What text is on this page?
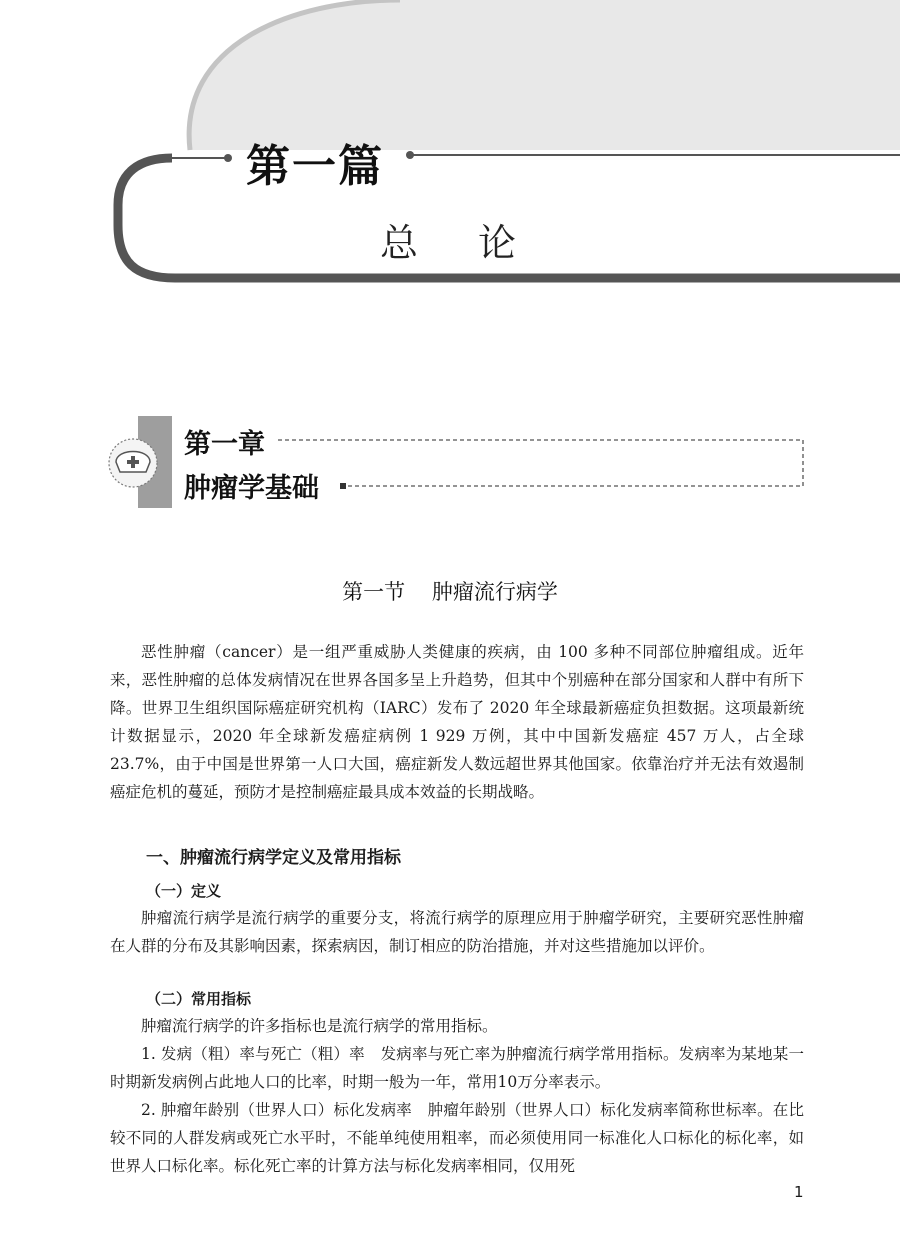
第一篇
总论
第一章
肿瘤学基础
第一节 肿瘤流行病学

恶性肿瘤（cancer）是一组严重威胁人类健康的疾病，由 100 多种不同部位肿瘤组成。近年来，恶性肿瘤的总体发病情况在世界各国多呈上升趋势，但其中个别癌种在部分国家和人群中有所下降。世界卫生组织国际癌症研究机构（IARC）发布了 2020 年全球最新癌症负担数据。这项最新统计数据显示，2020 年全球新发癌症病例 1 929 万例，其中中国新发癌症 457 万人，占全球 23.7%，由于中国是世界第一人口大国，癌症新发人数远超世界其他国家。依靠治疗并无法有效遏制癌症危机的蔓延，预防才是控制癌症最具成本效益的长期战略。

一、肿瘤流行病学定义及常用指标
（一）定义

肿瘤流行病学是流行病学的重要分支，将流行病学的原理应用于肿瘤学研究，主要研究恶性肿瘤在人群的分布及其影响因素，探索病因，制订相应的防治措施，并对这些措施加以评价。

（二）常用指标

肿瘤流行病学的许多指标也是流行病学的常用指标。

1. 发病（粗）率与死亡（粗）率　发病率与死亡率为肿瘤流行病学常用指标。发病率为某地某一时期新发病例占此地人口的比率，时期一般为一年，常用10万分率表示。

2. 肿瘤年龄别（世界人口）标化发病率　肿瘤年龄别（世界人口）标化发病率简称世标率。在比较不同的人群发病或死亡水平时，不能单纯使用粗率，而必须使用同一标准化人口标化的标化率，如世界人口标化率。标化死亡率的计算方法与标化发病率相同，仅用死

1
